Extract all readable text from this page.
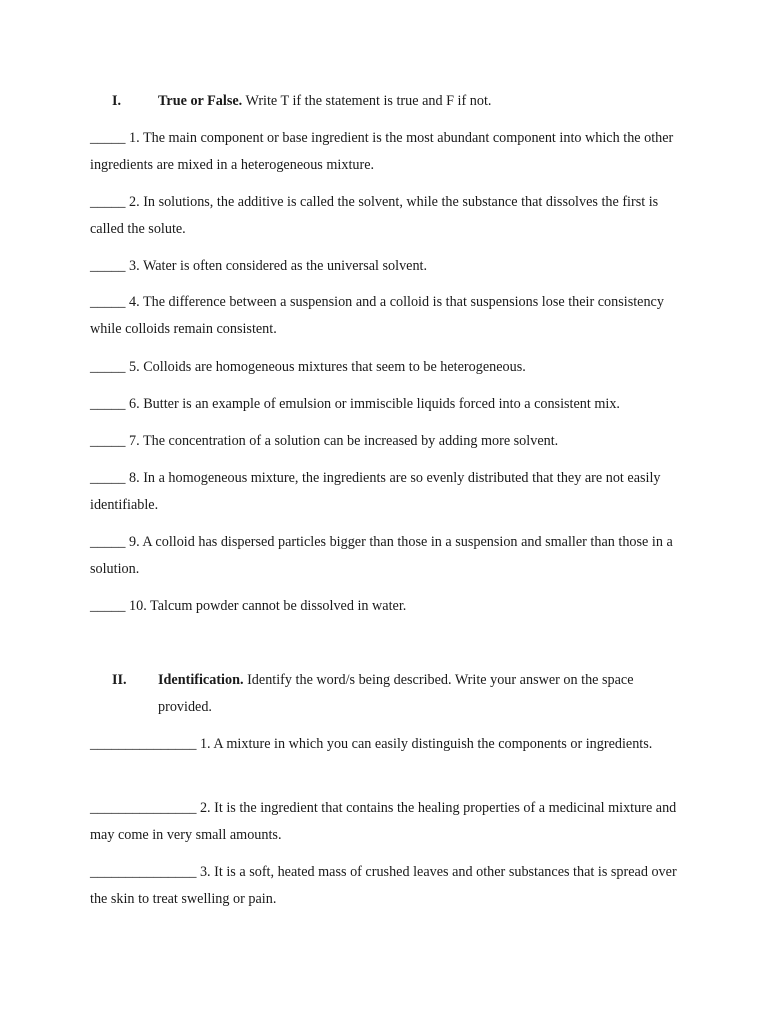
I.	True or False. Write T if the statement is true and F if not.
_____ 1. The main component or base ingredient is the most abundant component into which the other ingredients are mixed in a heterogeneous mixture.
_____ 2. In solutions, the additive is called the solvent, while the substance that dissolves the first is called the solute.
_____ 3. Water is often considered as the universal solvent.
_____ 4. The difference between a suspension and a colloid is that suspensions lose their consistency while colloids remain consistent.
_____ 5. Colloids are homogeneous mixtures that seem to be heterogeneous.
_____ 6. Butter is an example of emulsion or immiscible liquids forced into a consistent mix.
_____ 7. The concentration of a solution can be increased by adding more solvent.
_____ 8. In a homogeneous mixture, the ingredients are so evenly distributed that they are not easily identifiable.
_____ 9. A colloid has dispersed particles bigger than those in a suspension and smaller than those in a solution.
_____ 10. Talcum powder cannot be dissolved in water.
II. Identification. Identify the word/s being described. Write your answer on the space provided.
_______________ 1. A mixture in which you can easily distinguish the components or ingredients.
_______________ 2. It is the ingredient that contains the healing properties of a medicinal mixture and may come in very small amounts.
_______________ 3. It is a soft, heated mass of crushed leaves and other substances that is spread over the skin to treat swelling or pain.
